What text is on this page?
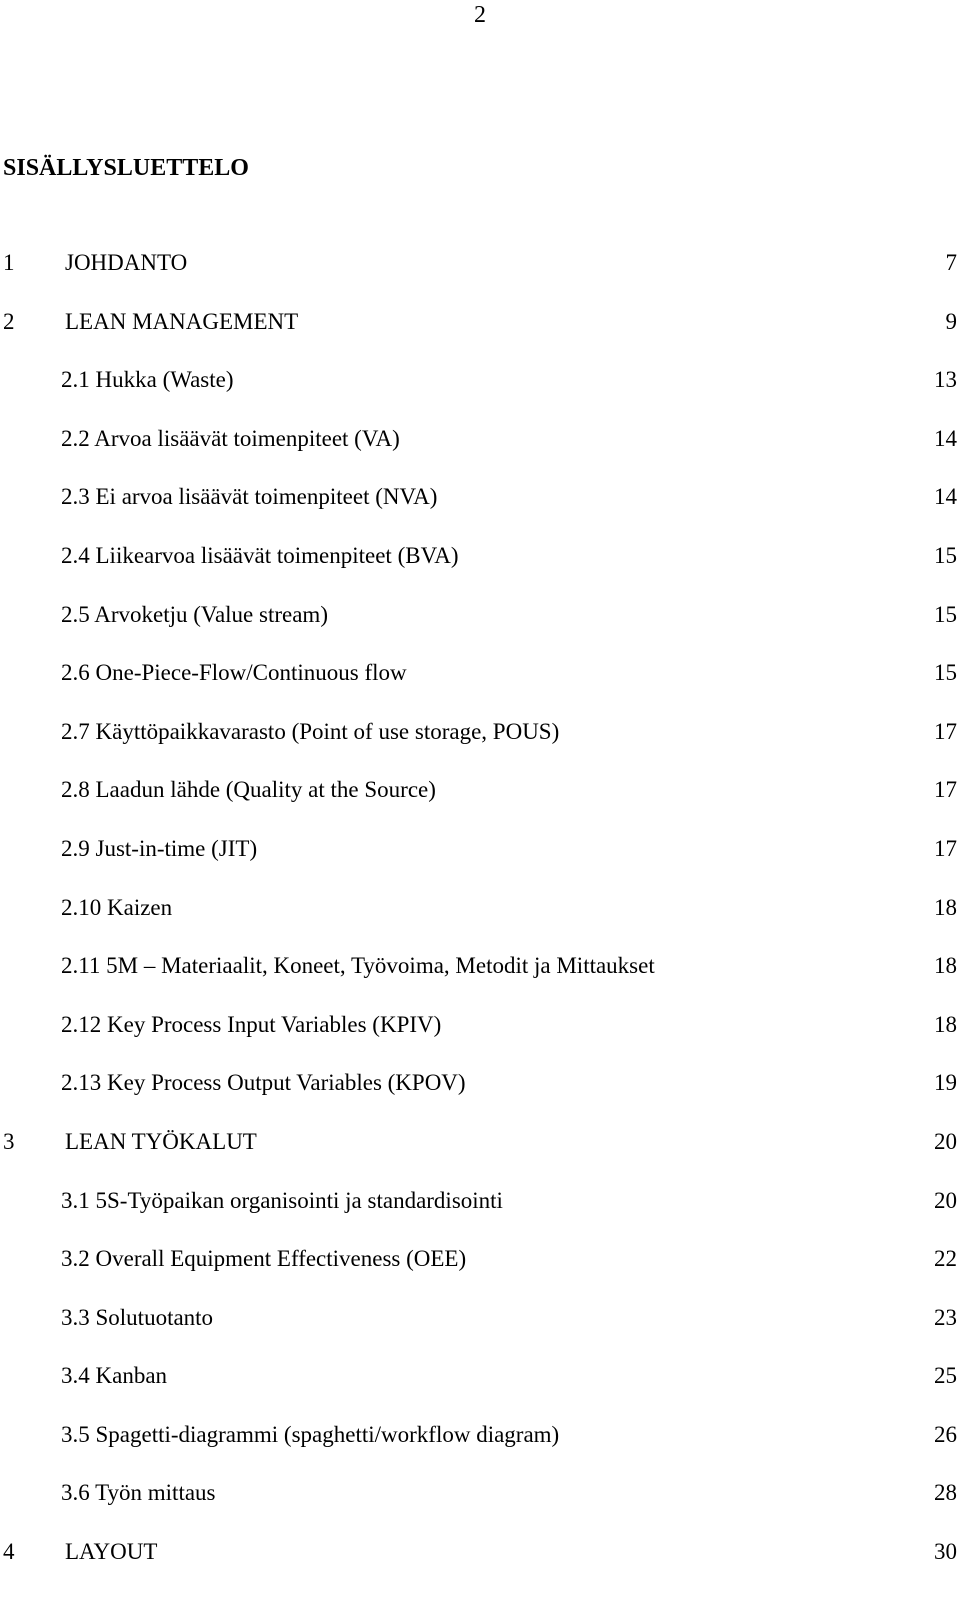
2
SISÄLLYSLUETTELO
1 JOHDANTO	7
2 LEAN MANAGEMENT	9
2.1 Hukka (Waste)	13
2.2 Arvoa lisäävät toimenpiteet (VA)	14
2.3 Ei arvoa lisäävät toimenpiteet (NVA)	14
2.4 Liikearvoa lisäävät toimenpiteet (BVA)	15
2.5 Arvoketju (Value stream)	15
2.6 One-Piece-Flow/Continuous flow	15
2.7 Käyttöpaikkavarasto (Point of use storage, POUS)	17
2.8 Laadun lähde (Quality at the Source)	17
2.9 Just-in-time (JIT)	17
2.10 Kaizen	18
2.11 5M – Materiaalit, Koneet, Työvoima, Metodit ja Mittaukset	18
2.12 Key Process Input Variables (KPIV)	18
2.13 Key Process Output Variables (KPOV)	19
3 LEAN TYÖKALUT	20
3.1 5S-Työpaikan organisointi ja standardisointi	20
3.2 Overall Equipment Effectiveness (OEE)	22
3.3 Solutuotanto	23
3.4 Kanban	25
3.5 Spagetti-diagrammi (spaghetti/workflow diagram)	26
3.6 Työn mittaus	28
4 LAYOUT	30
